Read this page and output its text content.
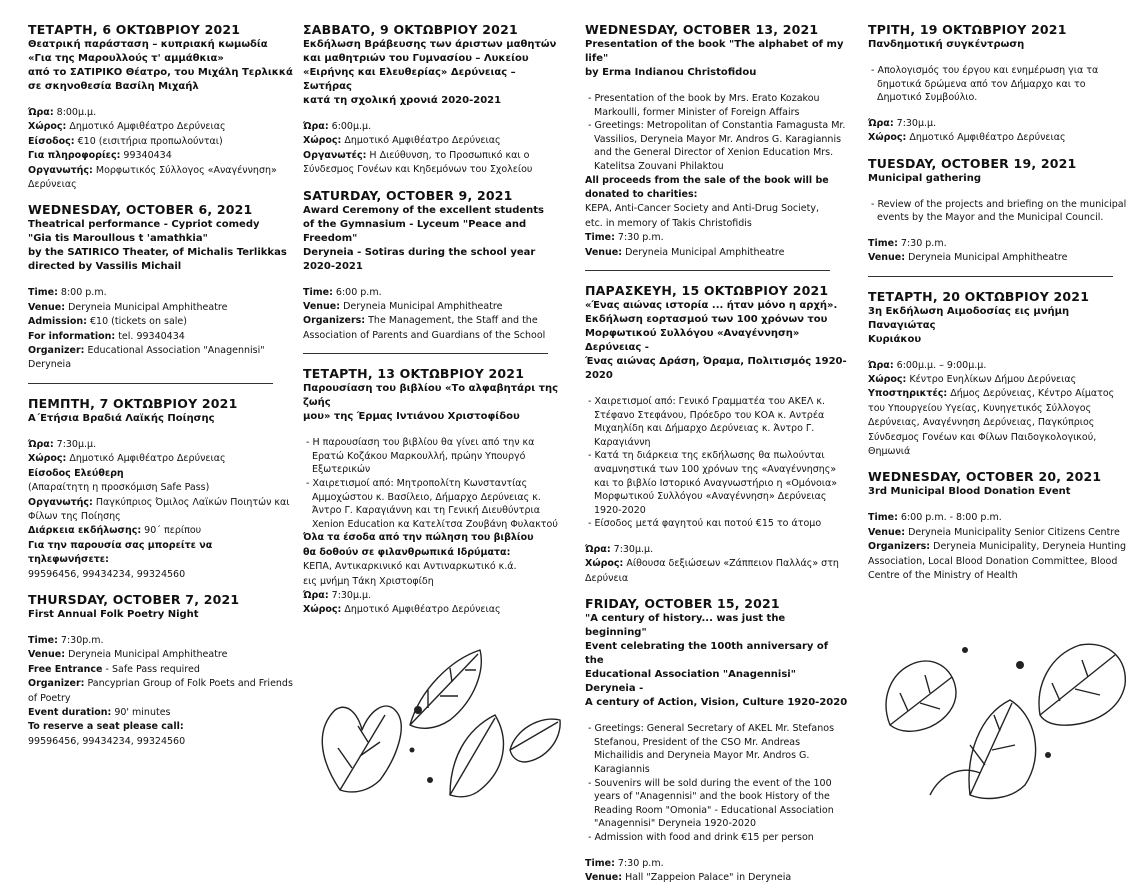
ΤΕΤΑΡΤΗ, 6 ΟΚΤΩΒΡΙΟΥ 2021
Θεατρική παράσταση – κυπριακή κωμωδία
«Για της Μαρουλλούς τ' αμμάθκια»
από το ΣΑΤΙΡΙΚΟ Θέατρο, του Μιχάλη Τερλικκά
σε σκηνοθεσία Βασίλη Μιχαήλ
Ώρα: 8:00μ.μ.
Χώρος: Δημοτικό Αμφιθέατρο Δερύνειας
Είσοδος: €10 (εισιτήρια προπωλούνται)
Για πληροφορίες: 99340434
Οργανωτής: Μορφωτικός Σύλλογος «Αναγέννηση» Δερύνειας
WEDNESDAY, OCTOBER 6, 2021
Theatrical performance - Cypriot comedy
"Gia tis Maroullous t 'amathkia"
by the SATIRICO Theater, of Michalis Terlikkas
directed by Vassilis Michail
Time: 8:00 p.m.
Venue: Deryneia Municipal Amphitheatre
Admission: €10 (tickets on sale)
For information: tel. 99340434
Organizer: Educational Association "Anagennisi" Deryneia
ΠΕΜΠΤΗ, 7 ΟΚΤΩΒΡΙΟΥ 2021
Α΄Ετήσια Βραδιά Λαϊκής Ποίησης
Ώρα: 7:30μ.μ.
Χώρος: Δημοτικό Αμφιθέατρο Δερύνειας
Είσοδος Ελεύθερη
(Απαραίτητη η προσκόμιση Safe Pass)
Οργανωτής: Παγκύπριος Όμιλος Λαϊκών Ποιητών και Φίλων της Ποίησης
Διάρκεια εκδήλωσης: 90΄ περίπου
Για την παρουσία σας μπορείτε να τηλεφωνήσετε:
99596456, 99434234, 99324560
THURSDAY, OCTOBER 7, 2021
First Annual Folk Poetry Night
Time: 7:30p.m.
Venue: Deryneia Municipal Amphitheatre
Free Entrance - Safe Pass required
Organizer: Pancyprian Group of Folk Poets and Friends of Poetry
Event duration: 90' minutes
To reserve a seat please call:
99596456, 99434234, 99324560
ΣΑΒΒΑΤΟ, 9 ΟΚΤΩΒΡΙΟΥ 2021
Εκδήλωση Βράβευσης των άριστων μαθητών
και μαθητριών του Γυμνασίου – Λυκείου
«Ειρήνης και Ελευθερίας» Δερύνειας – Σωτήρας
κατά τη σχολική χρονιά 2020-2021
Ώρα: 6:00μ.μ.
Χώρος: Δημοτικό Αμφιθέατρο Δερύνειας
Οργανωτές: Η Διεύθυνση, το Προσωπικό και ο Σύνδεσμος Γονέων και Κηδεμόνων του Σχολείου
SATURDAY, OCTOBER 9, 2021
Award Ceremony of the excellent students
of the Gymnasium - Lyceum "Peace and Freedom"
Deryneia - Sotiras during the school year 2020-2021
Time: 6:00 p.m.
Venue: Deryneia Municipal Amphitheatre
Organizers: The Management, the Staff and the Association of Parents and Guardians of the School
ΤΕΤΑΡΤΗ, 13 ΟΚΤΩΒΡΙΟΥ 2021
Παρουσίαση του βιβλίου «Το αλφαβητάρι της ζωής
μου» της Έρμας Ιντιάνου Χριστοφίδου
- Η παρουσίαση του βιβλίου θα γίνει από την κα Ερατώ Κοζάκου Μαρκουλλή, πρώην Υπουργό Εξωτερικών
- Χαιρετισμοί από: Μητροπολίτη Κωνσταντίας Αμμοχώστου κ. Βασίλειο, Δήμαρχο Δερύνειας κ. Άντρο Γ. Καραγιάννη και τη Γενική Διευθύντρια Xenion Education κα Κατελίτσα Ζουβάνη Φυλακτού
Όλα τα έσοδα από την πώληση του βιβλίου
θα δοθούν σε φιλανθρωπικά Ιδρύματα:
ΚΕΠΑ, Αντικαρκινικό και Αντιναρκωτικό κ.ά.
εις μνήμη Τάκη Χριστοφίδη
Ώρα: 7:30μ.μ.
Χώρος: Δημοτικό Αμφιθέατρο Δερύνειας
WEDNESDAY, OCTOBER 13, 2021
Presentation of the book "The alphabet of my life"
by Erma Indianou Christofidou
- Presentation of the book by Mrs. Erato Kozakou Markoulli, former Minister of Foreign Affairs
- Greetings: Metropolitan of Constantia Famagusta Mr. Vassilios, Deryneia Mayor Mr. Andros G. Karagiannis and the General Director of Xenion Education Mrs. Katelitsa Zouvani Philaktou
All proceeds from the sale of the book will be
donated to charities:
KEPA, Anti-Cancer Society and Anti-Drug Society,
etc. in memory of Takis Christofidis
Time: 7:30 p.m.
Venue: Deryneia Municipal Amphitheatre
ΠΑΡΑΣΚΕΥΗ, 15 ΟΚΤΩΒΡΙΟΥ 2021
«Ένας αιώνας ιστορία ... ήταν μόνο η αρχή».
Εκδήλωση εορτασμού των 100 χρόνων του
Μορφωτικού Συλλόγου «Αναγέννηση» Δερύνειας -
Ένας αιώνας Δράση, Όραμα, Πολιτισμός 1920-2020
- Χαιρετισμοί από: Γενικό Γραμματέα του ΑΚΕΛ κ. Στέφανο Στεφάνου, Πρόεδρο του ΚΟΑ κ. Αντρέα Μιχαηλίδη και Δήμαρχο Δερύνειας κ. Άντρο Γ. Καραγιάννη
- Κατά τη διάρκεια της εκδήλωσης θα πωλούνται αναμνηστικά των 100 χρόνων της «Αναγέννησης» και το βιβλίο Ιστορικό Αναγνωστήριο η «Ομόνοια» Μορφωτικού Συλλόγου «Αναγέννηση» Δερύνειας 1920-2020
- Είσοδος μετά φαγητού και ποτού €15 το άτομο
Ώρα: 7:30μ.μ.
Χώρος: Αίθουσα δεξιώσεων «Ζάππειον Παλλάς» στη Δερύνεια
FRIDAY, OCTOBER 15, 2021
"A century of history... was just the beginning"
Event celebrating the 100th anniversary of the
Educational Association "Anagennisi" Deryneia -
A century of Action, Vision, Culture 1920-2020
- Greetings: General Secretary of AKEL Mr. Stefanos Stefanou, President of the CSO Mr. Andreas Michailidis and Deryneia Mayor Mr. Andros G. Karagiannis
- Souvenirs will be sold during the event of the 100 years of "Anagennisi" and the book History of the Reading Room "Omonia" - Educational Association "Anagennisi" Deryneia 1920-2020
- Admission with food and drink €15 per person
Time: 7:30 p.m.
Venue: Hall "Zappeion Palace" in Deryneia
ΤΡΙΤΗ, 19 ΟΚΤΩΒΡΙΟΥ 2021
Πανδημοτική συγκέντρωση
- Απολογισμός του έργου και ενημέρωση για τα δημοτικά δρώμενα από τον Δήμαρχο και το Δημοτικό Συμβούλιο.
Ώρα: 7:30μ.μ.
Χώρος: Δημοτικό Αμφιθέατρο Δερύνειας
TUESDAY, OCTOBER 19, 2021
Municipal gathering
- Review of the projects and briefing on the municipal events by the Mayor and the Municipal Council.
Time: 7:30 p.m.
Venue: Deryneia Municipal Amphitheatre
ΤΕΤΑΡΤΗ, 20 ΟΚΤΩΒΡΙΟΥ 2021
3η Εκδήλωση Αιμοδοσίας εις μνήμη Παναγιώτας
Κυριάκου
Ώρα: 6:00μ.μ. – 9:00μ.μ.
Χώρος: Κέντρο Ενηλίκων Δήμου Δερύνειας
Υποστηρικτές: Δήμος Δερύνειας, Κέντρο Αίματος του Υπουργείου Υγείας, Κυνηγετικός Σύλλογος Δερύνειας, Αναγέννηση Δερύνειας, Παγκύπριος Σύνδεσμος Γονέων και Φίλων Παιδογκολογικού, Θημωνιά
WEDNESDAY, OCTOBER 20, 2021
3rd Municipal Blood Donation Event
Time: 6:00 p.m. - 8:00 p.m.
Venue: Deryneia Municipality Senior Citizens Centre
Organizers: Deryneia Municipality, Deryneia Hunting Association, Local Blood Donation Committee, Blood Centre of the Ministry of Health
